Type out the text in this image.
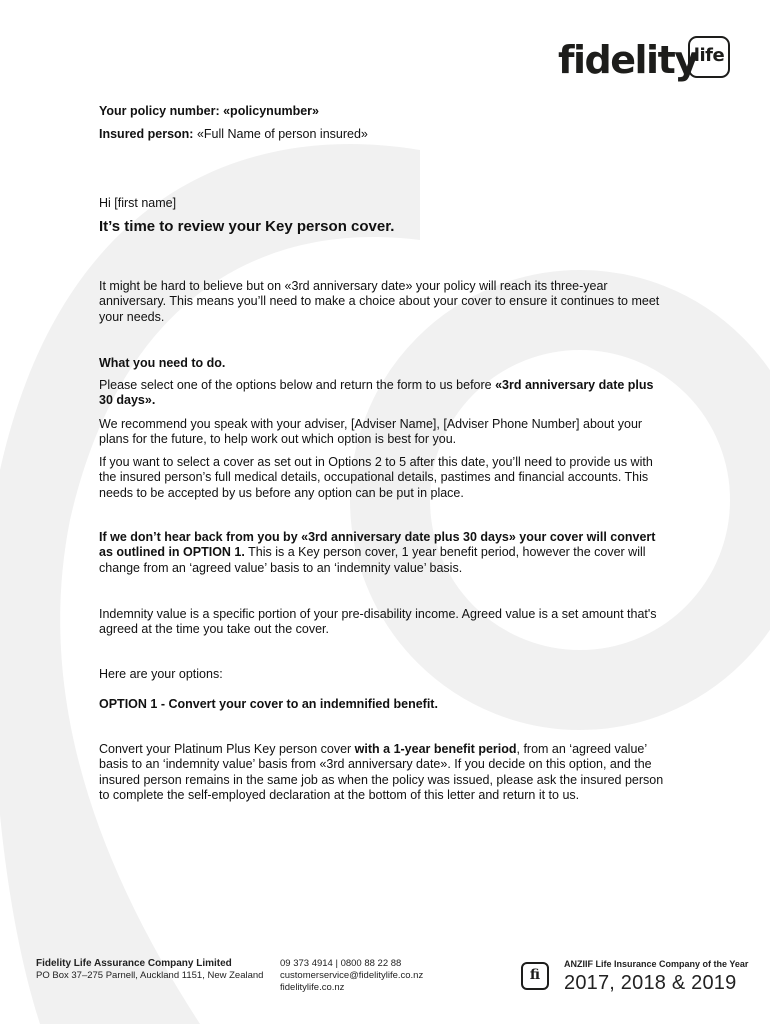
fidelity
life
Your policy number: «policynumber»
Insured person: «Full Name of person insured»
Hi [first name]
It’s time to review your Key person cover.

It might be hard to believe but on «3rd anniversary date» your policy will reach its three-year anniversary. This means you’ll need to make a choice about your cover to ensure it continues to meet your needs.

What you need to do.

Please select one of the options below and return the form to us before «3rd anniversary date plus 30 days».

We recommend you speak with your adviser, [Adviser Name], [Adviser Phone Number] about your plans for the future, to help work out which option is best for you.

If you want to select a cover as set out in Options 2 to 5 after this date, you’ll need to provide us with the insured person’s full medical details, occupational details, pastimes and financial accounts. This needs to be accepted by us before any option can be put in place.

If we don’t hear back from you by «3rd anniversary date plus 30 days» your cover will convert as outlined in OPTION 1. This is a Key person cover, 1 year benefit period, however the cover will change from an ‘agreed value’ basis to an ‘indemnity value’ basis.

Indemnity value is a specific portion of your pre-disability income. Agreed value is a set amount that's agreed at the time you take out the cover.

Here are your options:

OPTION 1 - Convert your cover to an indemnified benefit.

Convert your Platinum Plus Key person cover with a 1-year benefit period, from an ‘agreed value’ basis to an ‘indemnity value’ basis from «3rd anniversary date». If you decide on this option, and the insured person remains in the same job as when the policy was issued, please ask the insured person to complete the self-employed declaration at the bottom of this letter and return it to us.

Fidelity Life Assurance Company Limited
PO Box 37–275 Parnell, Auckland 1151, New Zealand
09 373 4914 | 0800 88 22 88
customerservice@fidelitylife.co.nz
fidelitylife.co.nz
fi
ANZIIF Life Insurance Company of the Year
2017, 2018 & 2019
